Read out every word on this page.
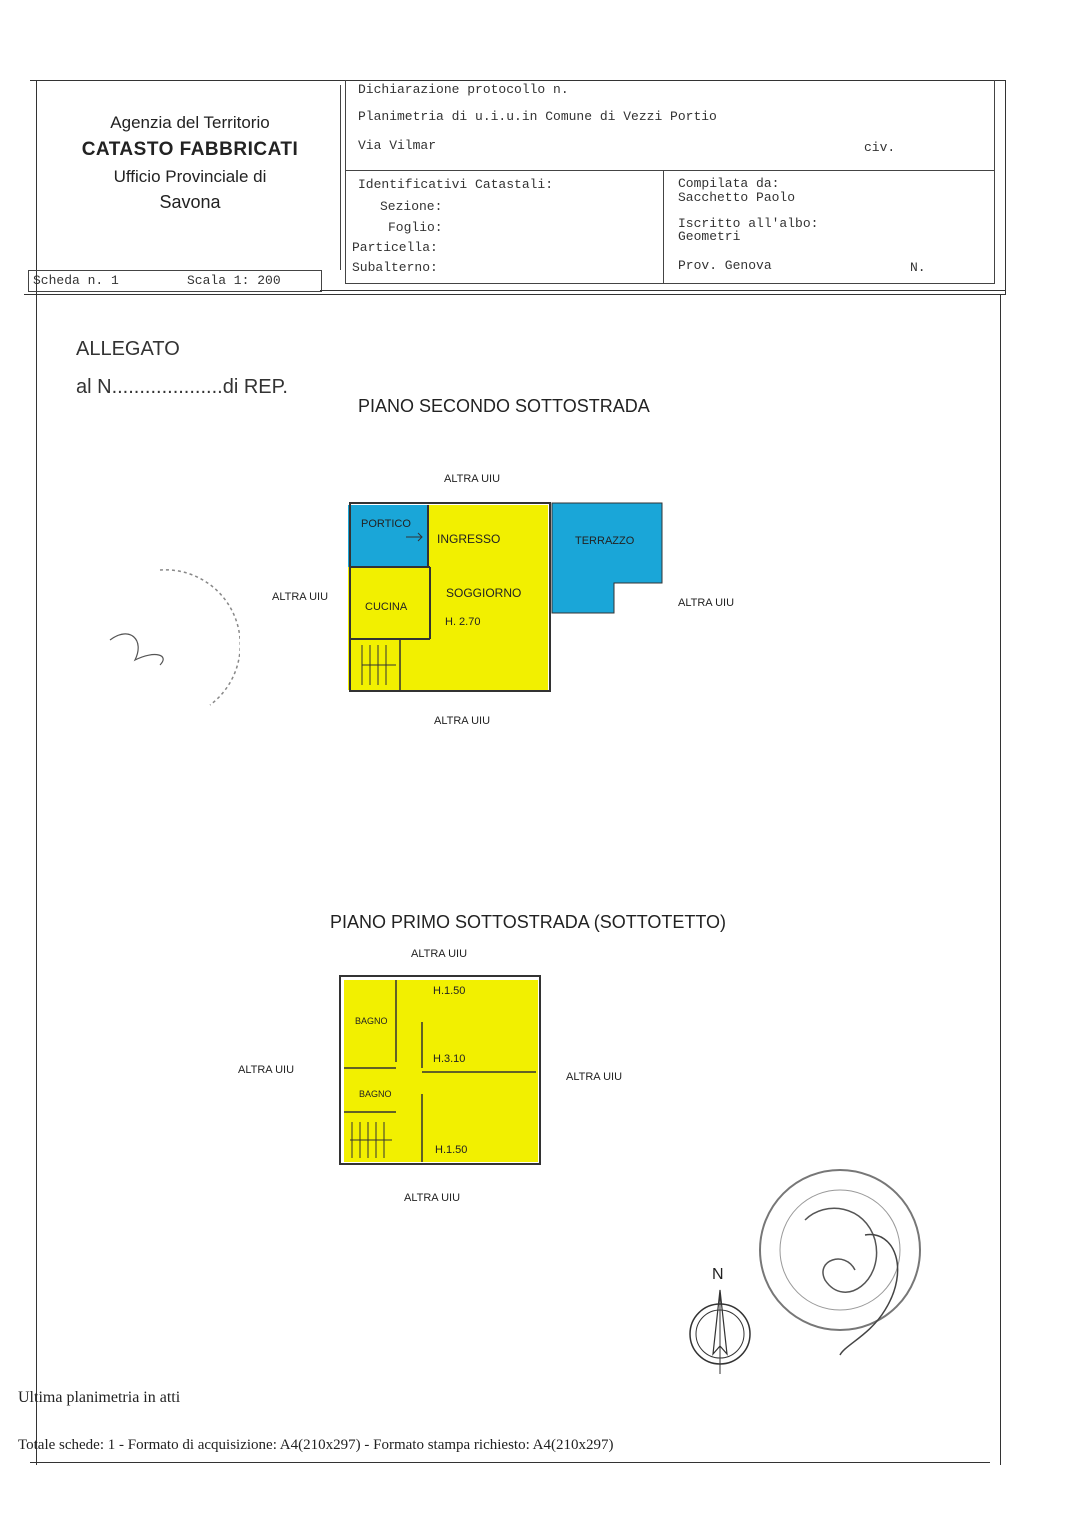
Agenzia del Territorio
CATASTO FABBRICATI
Ufficio Provinciale di
Savona
Dichiarazione protocollo n.
Planimetria di u.i.u.in Comune di Vezzi Portio
Via Vilmar	civ.
Identificativi Catastali:
Sezione:
Foglio:
Particella:
Subalterno:
Compilata da:
Sacchetto Paolo
Iscritto all'albo:
Geometri
Prov. Genova	N.
Scheda n. 1	Scala 1: 200
ALLEGATO
al N....................di REP.
PIANO SECONDO SOTTOSTRADA
ALTRA UIU
ALTRA UIU	ALTRA UIU
ALTRA UIU
PORTICO
INGRESSO	TERRAZZO
SOGGIORNO
CUCINA
H. 2.70
PIANO PRIMO SOTTOSTRADA (SOTTOTETTO)
ALTRA UIU
ALTRA UIU
ALTRA UIU
ALTRA UIU
BAGNO
BAGNO
H.1.50
H.3.10
H.1.50
N
Ultima planimetria in atti
Totale schede: 1 - Formato di acquisizione: A4(210x297) - Formato stampa richiesto: A4(210x297)
